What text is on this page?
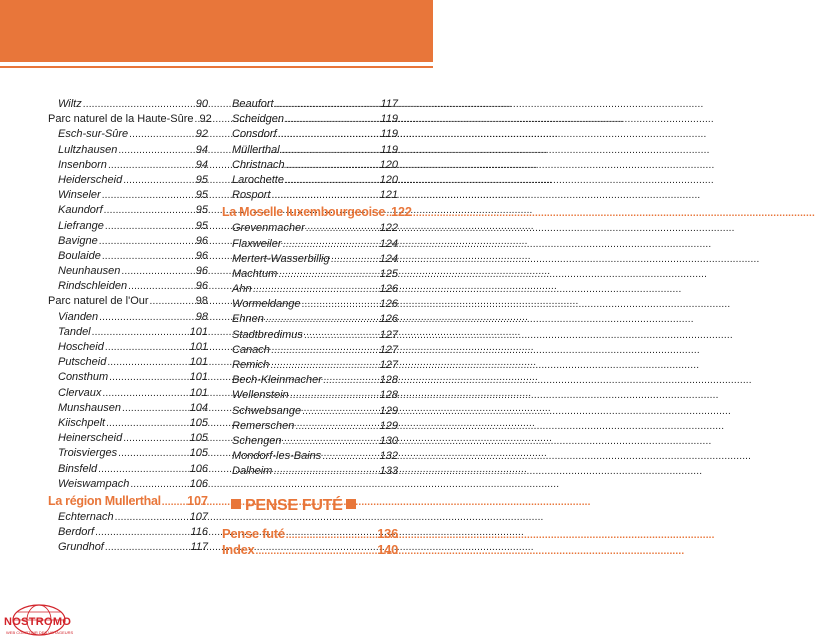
Wiltz .....	90
Parc naturel de la Haute-Sûre ..... 92
Esch-sur-Sûre .....	92
Lultzhausen .....	94
Insenborn .....	94
Heiderscheid .....	95
Winseler .....	95
Kaundorf .....	95
Liefrange .....	95
Bavigne .....	96
Boulaide .....	96
Neunhausen .....	96
Rindschleiden .....	96
Parc naturel de l'Our .....	98
Vianden .....	98
Tandel .....	101
Hoscheid .....	101
Putscheid .....	101
Consthum .....	101
Clervaux .....	101
Munshausen .....	104
Kiischpelt .....	105
Heinerscheid .....	105
Troisvierges .....	105
Binsfeld .....	106
Weiswampach .....	106
La région Mullerthal ..... 107
Echternach .....	107
Berdorf .....	116
Grundhof .....	117
Beaufort .....	117
Scheidgen .....	119
Consdorf .....	119
Müllerthal .....	119
Christnach .....	120
Larochette .....	120
Rosport .....	121
La Moselle luxembourgeoise ..... 122
Grevenmacher .....	122
Flaxweiler .....	124
Mertert-Wasserbillig .....	124
Machtum .....	125
Ahn .....	126
Wormeldange .....	126
Ehnen .....	126
Stadtbredimus .....	127
Canach .....	127
Remich .....	127
Bech-Kleinmacher .....	128
Wellenstein .....	128
Schwebsange .....	129
Remerschen .....	129
Schengen .....	130
Mondorf-les-Bains .....	132
Dalheim .....	133
PENSE FUTÉ
Pense futé .....	136
Index .....	140
NOSTROMO
WEB COMPTOIR DES VOYAGEURS
